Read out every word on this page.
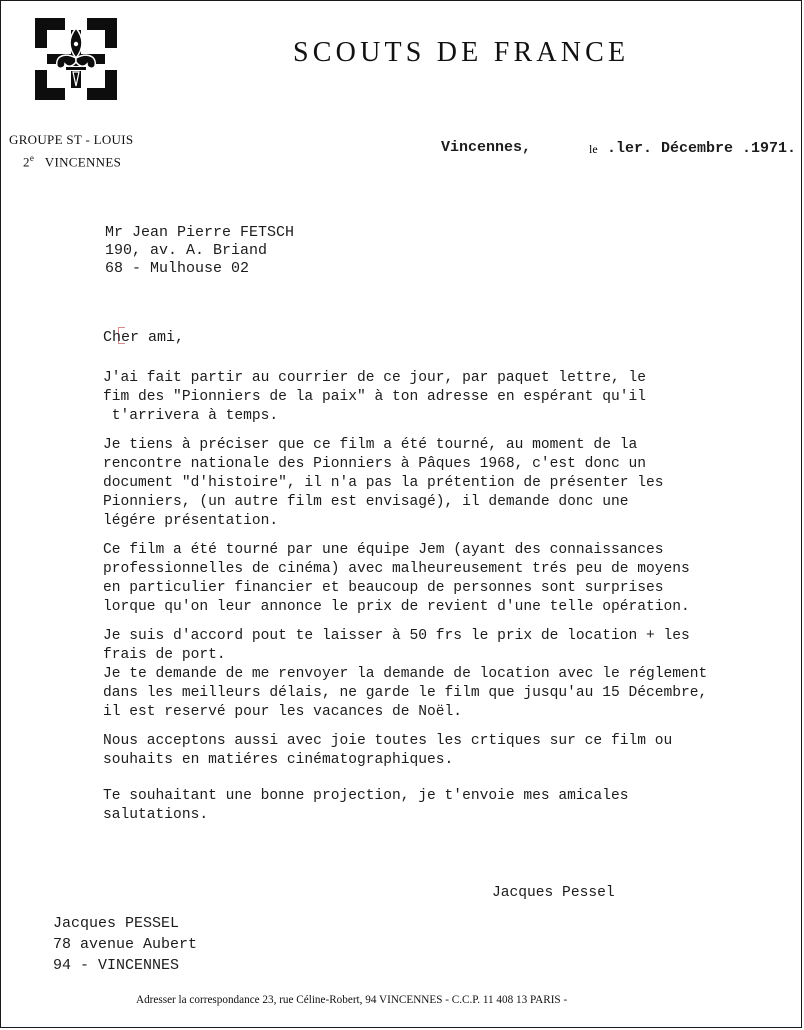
SCOUTS DE FRANCE
GROUPE ST - LOUIS
2e VINCENNES
Vincennes,	le .ler. Décembre .1971.
Mr Jean Pierre FETSCH
190, av. A. Briand
68 - Mulhouse 02
Cher ami,

J'ai fait partir au courrier de ce jour, par paquet lettre, le
fim des "Pionniers de la paix" à ton adresse en espérant qu'il
t'arrivera à temps.

Je tiens à préciser que ce film a été tourné, au moment de la
rencontre nationale des Pionniers à Pâques 1968, c'est donc un
document "d'histoire", il n'a pas la prétention de présenter les
Pionniers, (un autre film est envisagé), il demande donc une
légére présentation.

Ce film a été tourné par une équipe Jem (ayant des connaissances
professionnelles de cinéma) avec malheureusement trés peu de moyens
en particulier financier et beaucoup de personnes sont surprises
lorque qu'on leur annonce le prix de revient d'une telle opération.

Je suis d'accord pout te laisser à 50 frs le prix de location + les
frais de port.
Je te demande de me renvoyer la demande de location avec le réglement
dans les meilleurs délais, ne garde le film que jusqu'au 15 Décembre,
il est reservé pour les vacances de Noël.

Nous acceptons aussi avec joie toutes les crtiques sur ce film ou
souhaits en matiéres cinématographiques.

Te souhaitant une bonne projection, je t'envoie mes amicales
salutations.

Jacques Pessel
Jacques PESSEL
78 avenue Aubert
94 - VINCENNES
Adresser la correspondance 23, rue Céline-Robert, 94 VINCENNES - C.C.P. 11 408 13 PARIS -
